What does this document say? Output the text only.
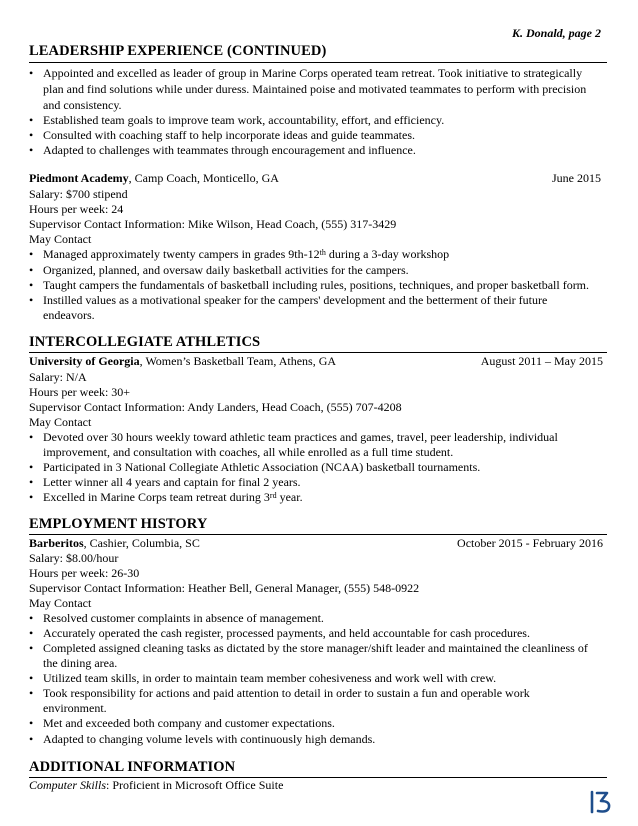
K. Donald, page 2
LEADERSHIP EXPERIENCE (CONTINUED)
• Appointed and excelled as leader of group in Marine Corps operated team retreat. Took initiative to strategically
plan and find solutions while under duress. Maintained poise and motivated teammates to perform with precision
and consistency.
• Established team goals to improve team work, accountability, effort, and efficiency.
• Consulted with coaching staff to help incorporate ideas and guide teammates.
• Adapted to challenges with teammates through encouragement and influence.
Piedmont Academy, Camp Coach, Monticello, GA	June 2015
Salary: $700 stipend
Hours per week: 24
Supervisor Contact Information: Mike Wilson, Head Coach, (555) 317-3429
May Contact
• Managed approximately twenty campers in grades 9th-12th during a 3-day workshop
• Organized, planned, and oversaw daily basketball activities for the campers.
• Taught campers the fundamentals of basketball including rules, positions, techniques, and proper basketball form.
• Instilled values as a motivational speaker for the campers' development and the betterment of their future
endeavors.
INTERCOLLEGIATE ATHLETICS
University of Georgia, Women’s Basketball Team, Athens, GA	August 2011 – May 2015
Salary: N/A
Hours per week: 30+
Supervisor Contact Information: Andy Landers, Head Coach, (555) 707-4208
May Contact
• Devoted over 30 hours weekly toward athletic team practices and games, travel, peer leadership, individual
improvement, and consultation with coaches, all while enrolled as a full time student.
• Participated in 3 National Collegiate Athletic Association (NCAA) basketball tournaments.
• Letter winner all 4 years and captain for final 2 years.
• Excelled in Marine Corps team retreat during 3rd year.
EMPLOYMENT HISTORY
Barberitos, Cashier, Columbia, SC	October 2015 - February 2016
Salary: $8.00/hour
Hours per week: 26-30
Supervisor Contact Information: Heather Bell, General Manager, (555) 548-0922
May Contact
• Resolved customer complaints in absence of management.
• Accurately operated the cash register, processed payments, and held accountable for cash procedures.
• Completed assigned cleaning tasks as dictated by the store manager/shift leader and maintained the cleanliness of
the dining area.
• Utilized team skills, in order to maintain team member cohesiveness and work well with crew.
• Took responsibility for actions and paid attention to detail in order to sustain a fun and operable work
environment.
• Met and exceeded both company and customer expectations.
• Adapted to changing volume levels with continuously high demands.
ADDITIONAL INFORMATION
Computer Skills: Proficient in Microsoft Office Suite
